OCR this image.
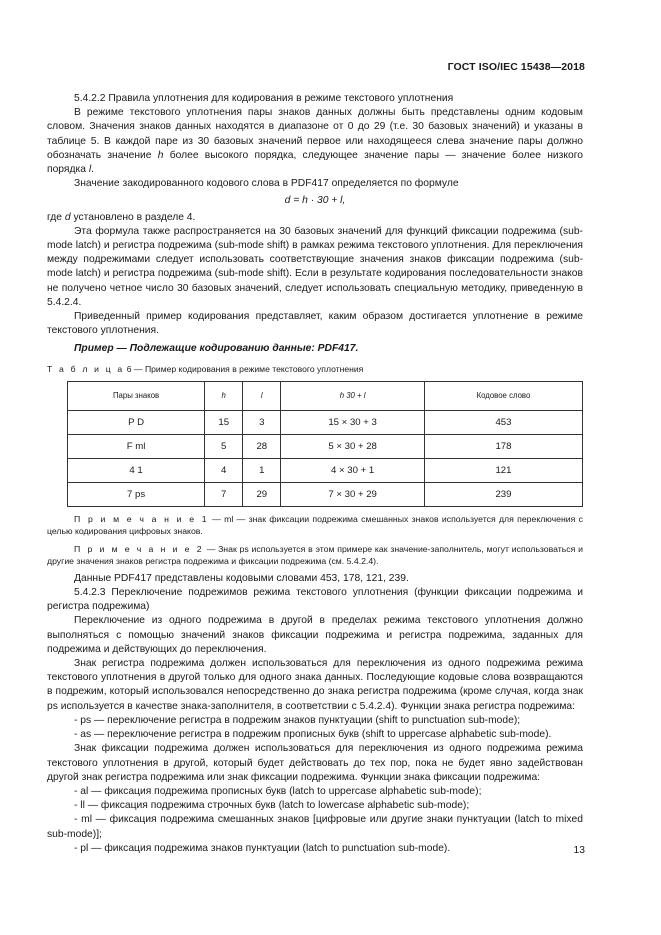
ГОСТ ISO/IEC 15438—2018

5.4.2.2 Правила уплотнения для кодирования в режиме текстового уплотнения

В режиме текстового уплотнения пары знаков данных должны быть представлены одним кодовым словом. Значения знаков данных находятся в диапазоне от 0 до 29 (т.е. 30 базовых значений) и указаны в таблице 5. В каждой паре из 30 базовых значений первое или находящееся слева значение пары должно обозначать значение h более высокого порядка, следующее значение пары — значение более низкого порядка l.

Значение закодированного кодового слова в PDF417 определяется по формуле

d = h · 30 + l,

где d установлено в разделе 4.

Эта формула также распространяется на 30 базовых значений для функций фиксации подрежима (sub-mode latch) и регистра подрежима (sub-mode shift) в рамках режима текстового уплотнения. Для переключения между подрежимами следует использовать соответствующие значения знаков фиксации подрежима (sub-mode latch) и регистра подрежима (sub-mode shift). Если в результате кодирования последовательности знаков не получено четное число 30 базовых значений, следует использовать специальную методику, приведенную в 5.4.2.4.

Приведенный пример кодирования представляет, каким образом достигается уплотнение в режиме текстового уплотнения.

Пример — Подлежащие кодированию данные: PDF417.

Т а б л и ц а 6 — Пример кодирования в режиме текстового уплотнения

Пары знаков	h	l	h 30 + l	Кодовое слово
P D	15	3	15 × 30 + 3	453
F ml	5	28	5 × 30 + 28	178
4 1	4	1	4 × 30 + 1	121
7 ps	7	29	7 × 30 + 29	239

П р и м е ч а н и е 1 — ml — знак фиксации подрежима смешанных знаков используется для переключения с целью кодирования цифровых знаков.

П р и м е ч а н и е 2 — Знак ps используется в этом примере как значение-заполнитель, могут использоваться и другие значения знаков регистра подрежима и фиксации подрежима (см. 5.4.2.4).

Данные PDF417 представлены кодовыми словами 453, 178, 121, 239.

5.4.2.3 Переключение подрежимов режима текстового уплотнения (функции фиксации подрежима и регистра подрежима)

Переключение из одного подрежима в другой в пределах режима текстового уплотнения должно выполняться с помощью значений знаков фиксации подрежима и регистра подрежима, заданных для подрежима и действующих до переключения.

Знак регистра подрежима должен использоваться для переключения из одного подрежима режима текстового уплотнения в другой только для одного знака данных. Последующие кодовые слова возвращаются в подрежим, который использовался непосредственно до знака регистра подрежима (кроме случая, когда знак ps используется в качестве знака-заполнителя, в соответствии с 5.4.2.4). Функции знака регистра подрежима:

- ps — переключение регистра в подрежим знаков пунктуации (shift to punctuation sub-mode);

- as — переключение регистра в подрежим прописных букв (shift to uppercase alphabetic sub-mode).

Знак фиксации подрежима должен использоваться для переключения из одного подрежима режима текстового уплотнения в другой, который будет действовать до тех пор, пока не будет явно задействован другой знак регистра подрежима или знак фиксации подрежима. Функции знака фиксации подрежима:

- al — фиксация подрежима прописных букв (latch to uppercase alphabetic sub-mode);

- ll — фиксация подрежима строчных букв (latch to lowercase alphabetic sub-mode);

- ml — фиксация подрежима смешанных знаков [цифровые или другие знаки пунктуации (latch to mixed sub-mode)];

- pl — фиксация подрежима знаков пунктуации (latch to punctuation sub-mode).	13
